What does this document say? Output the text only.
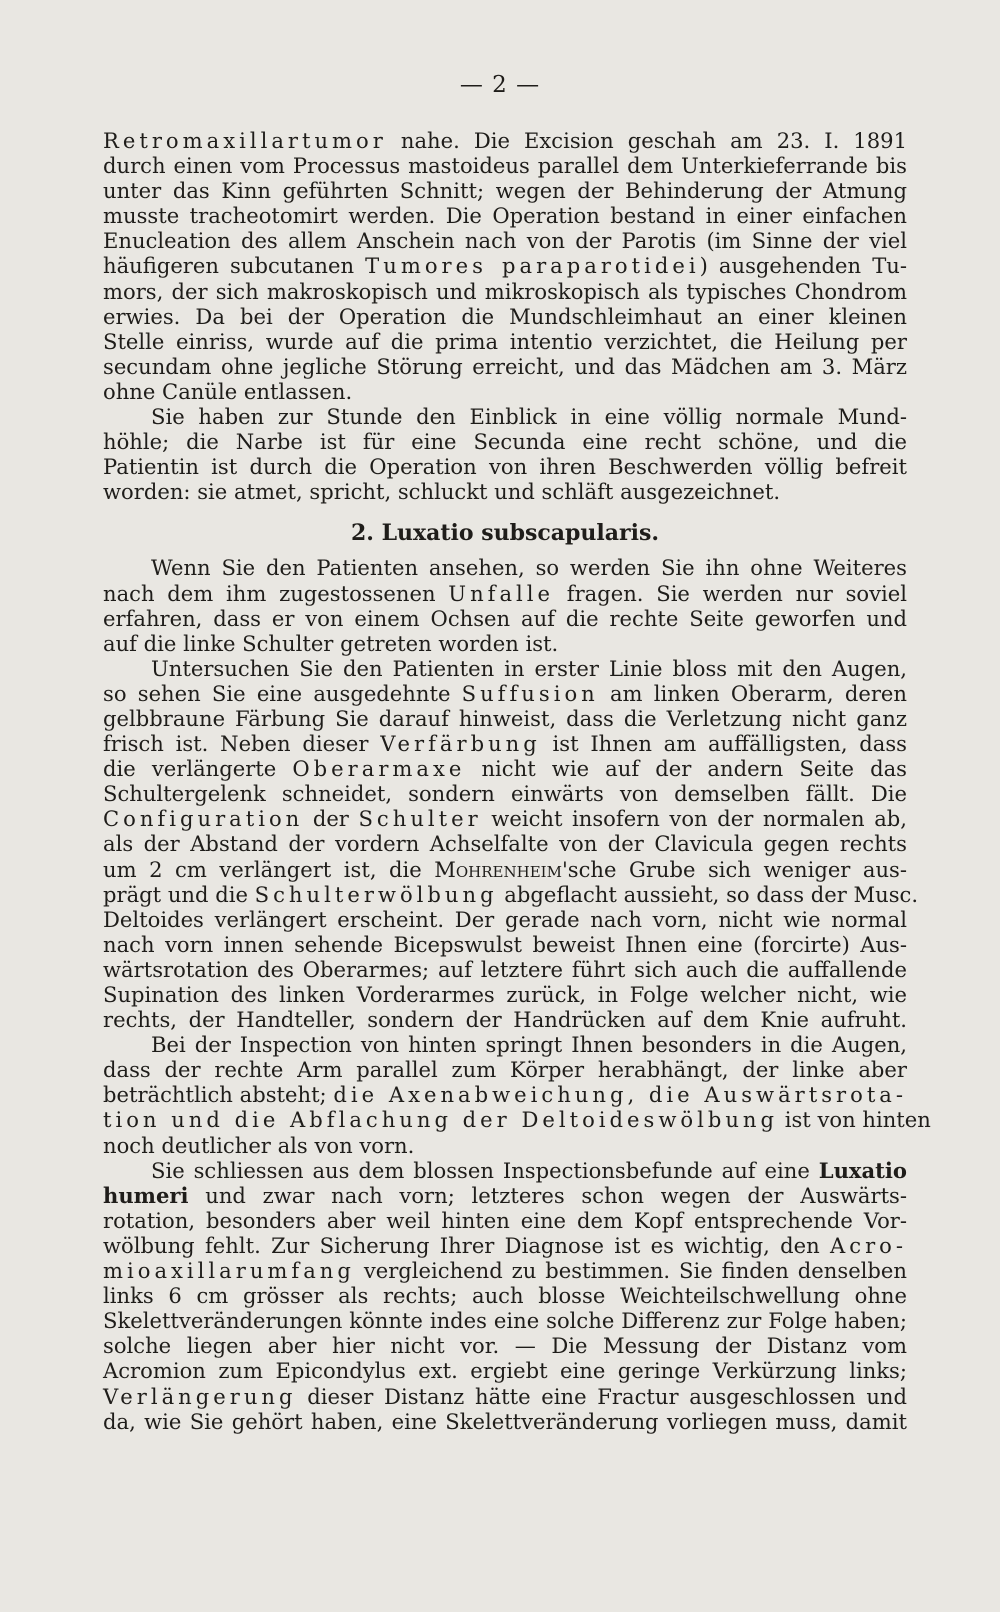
— 2 —
Retromaxillartumor nahe. Die Excision geschah am 23. I. 1891
durch einen vom Processus mastoideus parallel dem Unterkieferrande bis
unter das Kinn geführten Schnitt; wegen der Behinderung der Atmung
musste tracheotomirt werden. Die Operation bestand in einer einfachen
Enucleation des allem Anschein nach von der Parotis (im Sinne der viel
häufigeren subcutanen Tumores paraparotidei) ausgehenden Tu-
mors, der sich makroskopisch und mikroskopisch als typisches Chondrom
erwies. Da bei der Operation die Mundschleimhaut an einer kleinen
Stelle einriss, wurde auf die prima intentio verzichtet, die Heilung per
secundam ohne jegliche Störung erreicht, und das Mädchen am 3. März
ohne Canüle entlassen.
Sie haben zur Stunde den Einblick in eine völlig normale Mund-
höhle; die Narbe ist für eine Secunda eine recht schöne, und die
Patientin ist durch die Operation von ihren Beschwerden völlig befreit
worden: sie atmet, spricht, schluckt und schläft ausgezeichnet.
2. Luxatio subscapularis.
Wenn Sie den Patienten ansehen, so werden Sie ihn ohne Weiteres
nach dem ihm zugestossenen Unfalle fragen. Sie werden nur soviel
erfahren, dass er von einem Ochsen auf die rechte Seite geworfen und
auf die linke Schulter getreten worden ist.
Untersuchen Sie den Patienten in erster Linie bloss mit den Augen,
so sehen Sie eine ausgedehnte Suffusion am linken Oberarm, deren
gelbbraune Färbung Sie darauf hinweist, dass die Verletzung nicht ganz
frisch ist. Neben dieser Verfärbung ist Ihnen am auffälligsten, dass
die verlängerte Oberarmaxe nicht wie auf der andern Seite das
Schultergelenk schneidet, sondern einwärts von demselben fällt. Die
Configuration der Schulter weicht insofern von der normalen ab,
als der Abstand der vordern Achselfalte von der Clavicula gegen rechts
um 2 cm verlängert ist, die Mohrenheim'sche Grube sich weniger aus-
prägt und die Schulterwölbung abgeflacht aussieht, so dass der Musc.
Deltoides verlängert erscheint. Der gerade nach vorn, nicht wie normal
nach vorn innen sehende Bicepswulst beweist Ihnen eine (forcirte) Aus-
wärtsrotation des Oberarmes; auf letztere führt sich auch die auffallende
Supination des linken Vorderarmes zurück, in Folge welcher nicht, wie
rechts, der Handteller, sondern der Handrücken auf dem Knie aufruht.
Bei der Inspection von hinten springt Ihnen besonders in die Augen,
dass der rechte Arm parallel zum Körper herabhängt, der linke aber
beträchtlich absteht; die Axenabweichung, die Auswärtsrota-
tion und die Abflachung der Deltoideswölbung ist von hinten
noch deutlicher als von vorn.
Sie schliessen aus dem blossen Inspectionsbefunde auf eine Luxatio
humeri und zwar nach vorn; letzteres schon wegen der Auswärts-
rotation, besonders aber weil hinten eine dem Kopf entsprechende Vor-
wölbung fehlt. Zur Sicherung Ihrer Diagnose ist es wichtig, den Acro-
mioaxillarumfang vergleichend zu bestimmen. Sie finden denselben
links 6 cm grösser als rechts; auch blosse Weichteilschwellung ohne
Skelettveränderungen könnte indes eine solche Differenz zur Folge haben;
solche liegen aber hier nicht vor. — Die Messung der Distanz vom
Acromion zum Epicondylus ext. ergiebt eine geringe Verkürzung links;
Verlängerung dieser Distanz hätte eine Fractur ausgeschlossen und
da, wie Sie gehört haben, eine Skelettveränderung vorliegen muss, damit
